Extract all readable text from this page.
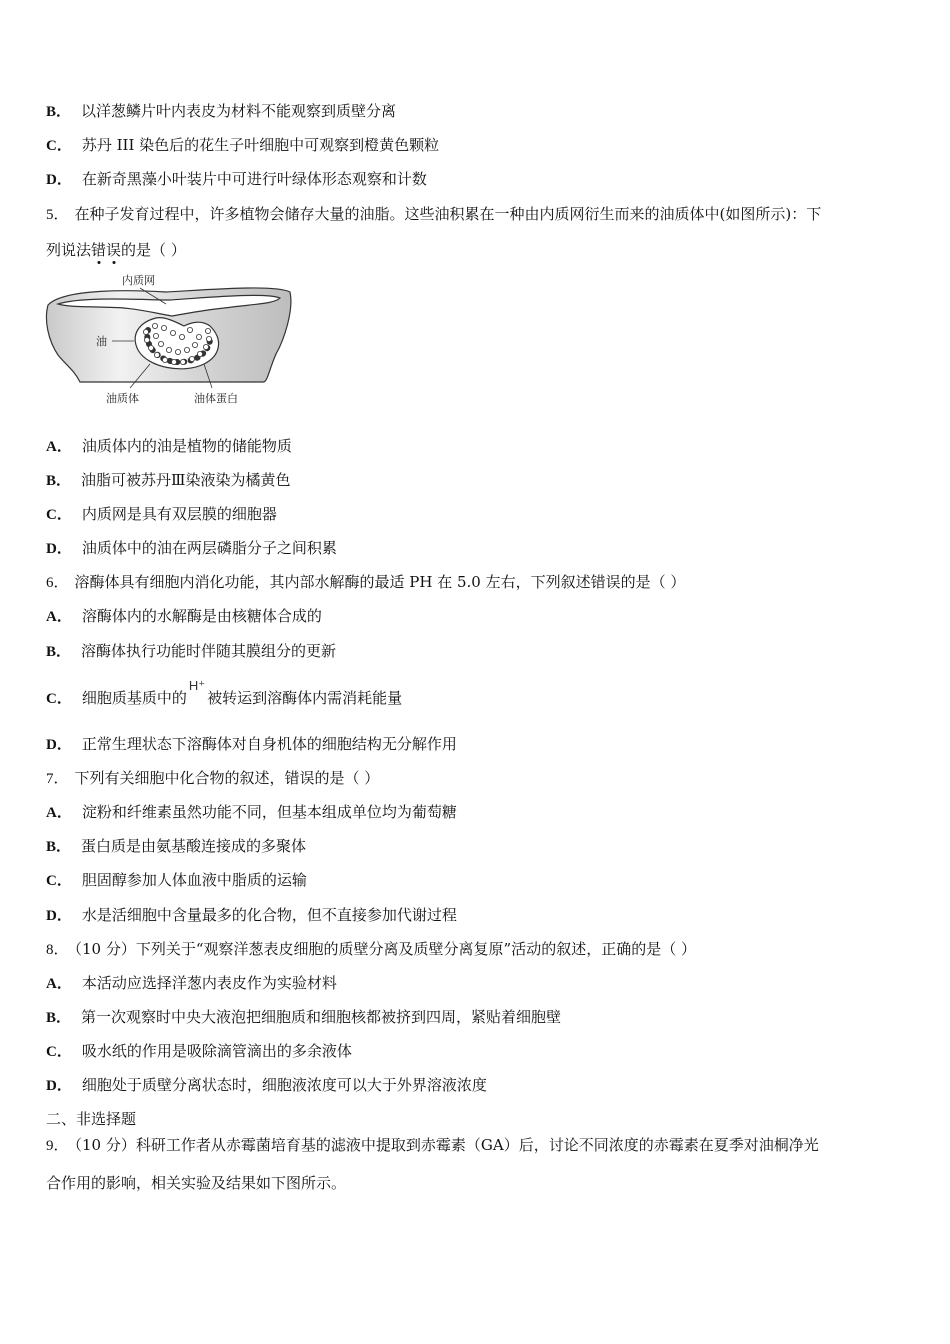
B． 以洋葱鳞片叶内表皮为材料不能观察到质壁分离
C． 苏丹 III 染色后的花生子叶细胞中可观察到橙黄色颗粒
D． 在新奇黑藻小叶装片中可进行叶绿体形态观察和计数
5． 在种子发育过程中，许多植物会储存大量的油脂。这些油积累在一种由内质网衍生而来的油质体中(如图所示)：下
列说法错误的是（ ）
内质网
油
油质体	油体蛋白
A． 油质体内的油是植物的储能物质
B． 油脂可被苏丹Ⅲ染液染为橘黄色
C． 内质网是具有双层膜的细胞器
D． 油质体中的油在两层磷脂分子之间积累
6． 溶酶体具有细胞内消化功能，其内部水解酶的最适 PH 在 5.0 左右，下列叙述错误的是（ ）
A． 溶酶体内的水解酶是由核糖体合成的
B． 溶酶体执行功能时伴随其膜组分的更新
C． 细胞质基质中的H⁺被转运到溶酶体内需消耗能量
D． 正常生理状态下溶酶体对自身机体的细胞结构无分解作用
7． 下列有关细胞中化合物的叙述，错误的是（ ）
A． 淀粉和纤维素虽然功能不同，但基本组成单位均为葡萄糖
B． 蛋白质是由氨基酸连接成的多聚体
C． 胆固醇参加人体血液中脂质的运输
D． 水是活细胞中含量最多的化合物，但不直接参加代谢过程
8． （10 分）下列关于“观察洋葱表皮细胞的质壁分离及质壁分离复原”活动的叙述，正确的是（ ）
A． 本活动应选择洋葱内表皮作为实验材料
B． 第一次观察时中央大液泡把细胞质和细胞核都被挤到四周，紧贴着细胞壁
C． 吸水纸的作用是吸除滴管滴出的多余液体
D． 细胞处于质壁分离状态时，细胞液浓度可以大于外界溶液浓度
二、非选择题
9． （10 分）科研工作者从赤霉菌培育基的滤液中提取到赤霉素（GA）后，讨论不同浓度的赤霉素在夏季对油桐净光
合作用的影响，相关实验及结果如下图所示。
